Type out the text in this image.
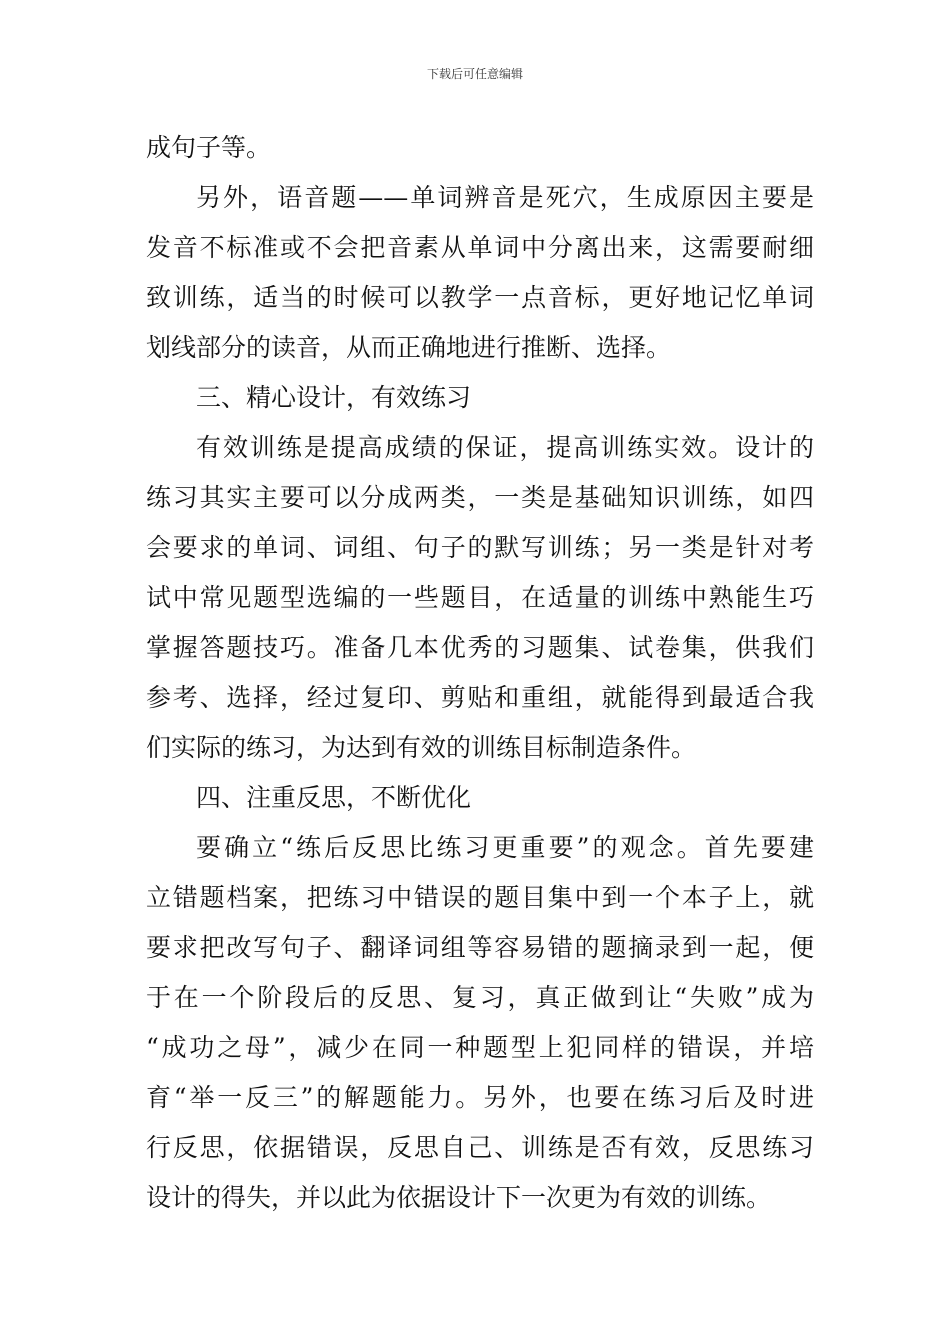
下载后可任意编辑
成句子等。
另外，语音题——单词辨音是死穴，生成原因主要是
发音不标准或不会把音素从单词中分离出来，这需要耐细
致训练，适当的时候可以教学一点音标，更好地记忆单词
划线部分的读音，从而正确地进行推断、选择。
三、精心设计，有效练习
有效训练是提高成绩的保证，提高训练实效。设计的
练习其实主要可以分成两类，一类是基础知识训练，如四
会要求的单词、词组、句子的默写训练；另一类是针对考
试中常见题型选编的一些题目，在适量的训练中熟能生巧
掌握答题技巧。准备几本优秀的习题集、试卷集，供我们
参考、选择，经过复印、剪贴和重组，就能得到最适合我
们实际的练习，为达到有效的训练目标制造条件。
四、注重反思，不断优化
要确立“练后反思比练习更重要”的观念。首先要建
立错题档案，把练习中错误的题目集中到一个本子上，就
要求把改写句子、翻译词组等容易错的题摘录到一起，便
于在一个阶段后的反思、复习，真正做到让“失败”成为
“成功之母”，减少在同一种题型上犯同样的错误，并培
育“举一反三”的解题能力。另外，也要在练习后及时进
行反思，依据错误，反思自己、训练是否有效，反思练习
设计的得失，并以此为依据设计下一次更为有效的训练。
